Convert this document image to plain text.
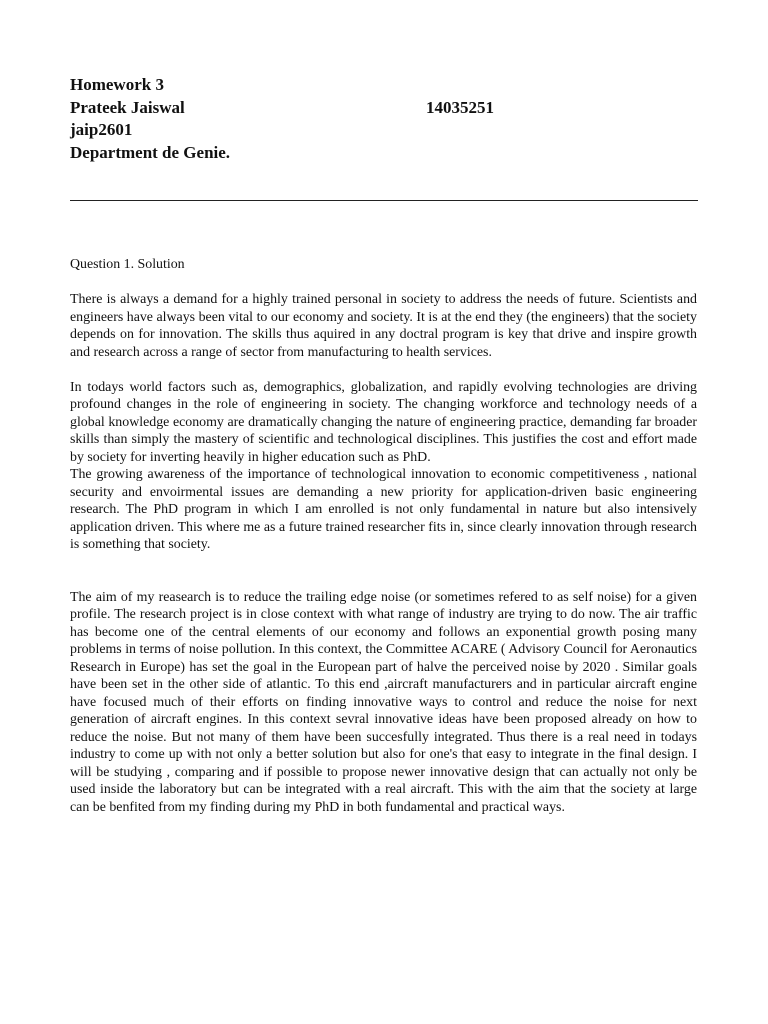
Homework 3
Prateek Jaiswal	14035251
jaip2601
Department de Genie.

Question 1. Solution

There is always a demand for a highly trained personal in society to address the needs of future. Scientists and engineers have always been vital to our economy and society. It is at the end they (the engineers) that the society depends on for innovation. The skills thus aquired in any doctral program is key that drive and inspire growth and research across a range of sector from manufacturing to health services.

In todays world factors such as, demographics, globalization, and rapidly evolving technologies are driving profound changes in the role of engineering in society. The changing workforce and technology needs of a global knowledge economy are dramatically changing the nature of engineering practice, demanding far broader skills than simply the mastery of scientific and technological disciplines. This justifies the cost and effort made by society for inverting heavily in higher education such as PhD.

The growing awareness of the importance of technological innovation to economic competitiveness , national security and envoirmental issues are demanding a new priority for application-driven basic engineering research. The PhD program in which I am enrolled is not only fundamental in nature but also intensively application driven. This where me as a future trained researcher fits in, since clearly innovation through research is something that society.

The aim of my reasearch is to reduce the trailing edge noise (or sometimes refered to as self noise) for a given profile. The research project is in close context with what range of industry are trying to do now. The air traffic has become one of the central elements of our economy and follows an exponential growth posing many problems in terms of noise pollution. In this context, the Committee ACARE ( Advisory Council for Aeronautics Research in Europe) has set the goal in the European part of halve the perceived noise by 2020 . Similar goals have been set in the other side of atlantic. To this end ,aircraft manufacturers and in particular aircraft engine have focused much of their efforts on finding innovative ways to control and reduce the noise for next generation of aircraft engines. In this context sevral innovative ideas have been proposed already on how to reduce the noise. But not many of them have been succesfully integrated. Thus there is a real need in todays industry to come up with not only a better solution but also for one's that easy to integrate in the final design. I will be studying , comparing and if possible to propose newer innovative design that can actually not only be used inside the laboratory but can be integrated with a real aircraft. This with the aim that the society at large can be benfited from my finding during my PhD in both fundamental and practical ways.
